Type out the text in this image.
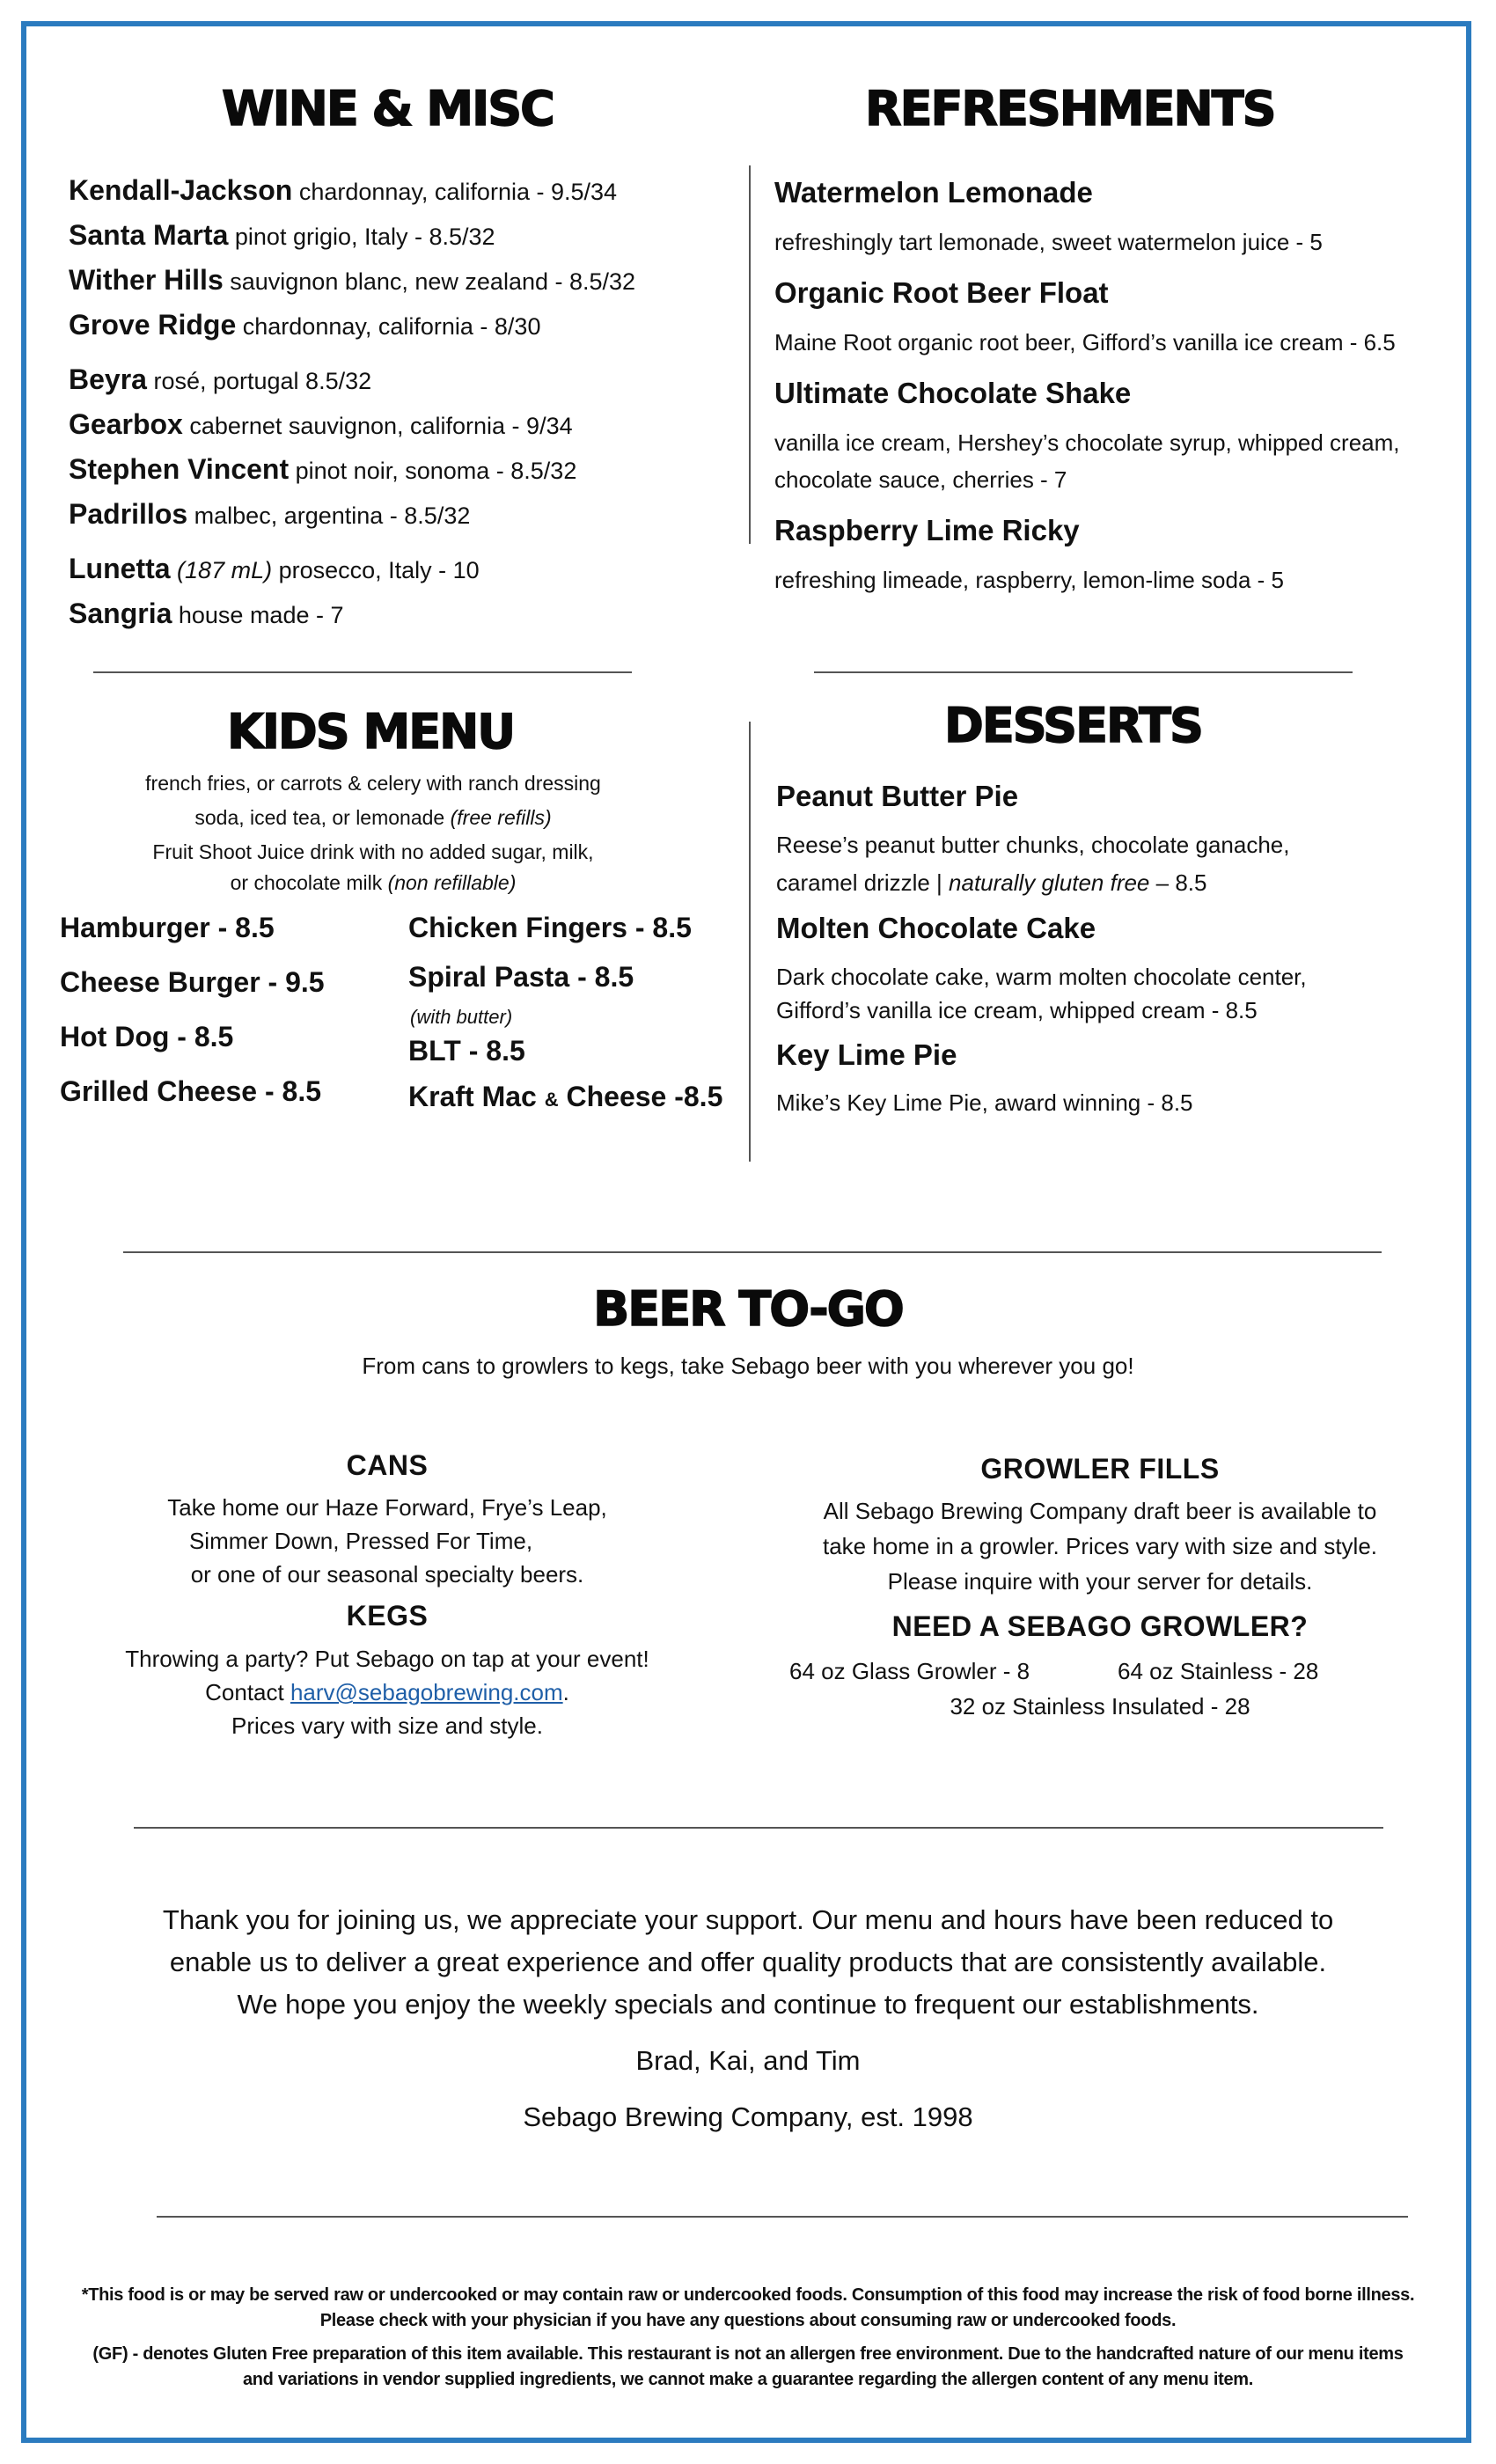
WINE & MISC
Kendall-Jackson chardonnay, california - 9.5/34
Santa Marta pinot grigio, Italy - 8.5/32
Wither Hills sauvignon blanc, new zealand - 8.5/32
Grove Ridge chardonnay, california - 8/30
Beyra rosé, portugal 8.5/32
Gearbox cabernet sauvignon, california - 9/34
Stephen Vincent pinot noir, sonoma - 8.5/32
Padrillos malbec, argentina - 8.5/32
Lunetta (187 mL) prosecco, Italy - 10
Sangria house made - 7
REFRESHMENTS
Watermelon Lemonade
refreshingly tart lemonade, sweet watermelon juice - 5
Organic Root Beer Float
Maine Root organic root beer, Gifford’s vanilla ice cream - 6.5
Ultimate Chocolate Shake
vanilla ice cream, Hershey’s chocolate syrup, whipped cream,
chocolate sauce, cherries - 7
Raspberry Lime Ricky
refreshing limeade, raspberry, lemon-lime soda - 5
KIDS MENU
french fries, or carrots & celery with ranch dressing
soda, iced tea, or lemonade (free refills)
Fruit Shoot Juice drink with no added sugar, milk,
or chocolate milk (non refillable)
Hamburger - 8.5
Cheese Burger - 9.5
Hot Dog - 8.5
Grilled Cheese - 8.5
Chicken Fingers - 8.5
Spiral Pasta - 8.5
(with butter)
BLT - 8.5
Kraft Mac & Cheese -8.5
DESSERTS
Peanut Butter Pie
Reese’s peanut butter chunks, chocolate ganache,
caramel drizzle | naturally gluten free – 8.5
Molten Chocolate Cake
Dark chocolate cake, warm molten chocolate center,
Gifford’s vanilla ice cream, whipped cream - 8.5
Key Lime Pie
Mike’s Key Lime Pie, award winning - 8.5
BEER TO-GO
From cans to growlers to kegs, take Sebago beer with you wherever you go!
CANS
Take home our Haze Forward, Frye’s Leap,
Simmer Down, Pressed For Time,
or one of our seasonal specialty beers.
KEGS
Throwing a party? Put Sebago on tap at your event!
Contact harv@sebagobrewing.com.
Prices vary with size and style.
GROWLER FILLS
All Sebago Brewing Company draft beer is available to
take home in a growler. Prices vary with size and style.
Please inquire with your server for details.
NEED A SEBAGO GROWLER?
64 oz Glass Growler - 8	64 oz Stainless - 28
32 oz Stainless Insulated - 28
Thank you for joining us, we appreciate your support. Our menu and hours have been reduced to
enable us to deliver a great experience and offer quality products that are consistently available.
We hope you enjoy the weekly specials and continue to frequent our establishments.
Brad, Kai, and Tim
Sebago Brewing Company, est. 1998
*This food is or may be served raw or undercooked or may contain raw or undercooked foods. Consumption of this food may increase the risk of food borne illness.
Please check with your physician if you have any questions about consuming raw or undercooked foods.
(GF) - denotes Gluten Free preparation of this item available. This restaurant is not an allergen free environment. Due to the handcrafted nature of our menu items
and variations in vendor supplied ingredients, we cannot make a guarantee regarding the allergen content of any menu item.
